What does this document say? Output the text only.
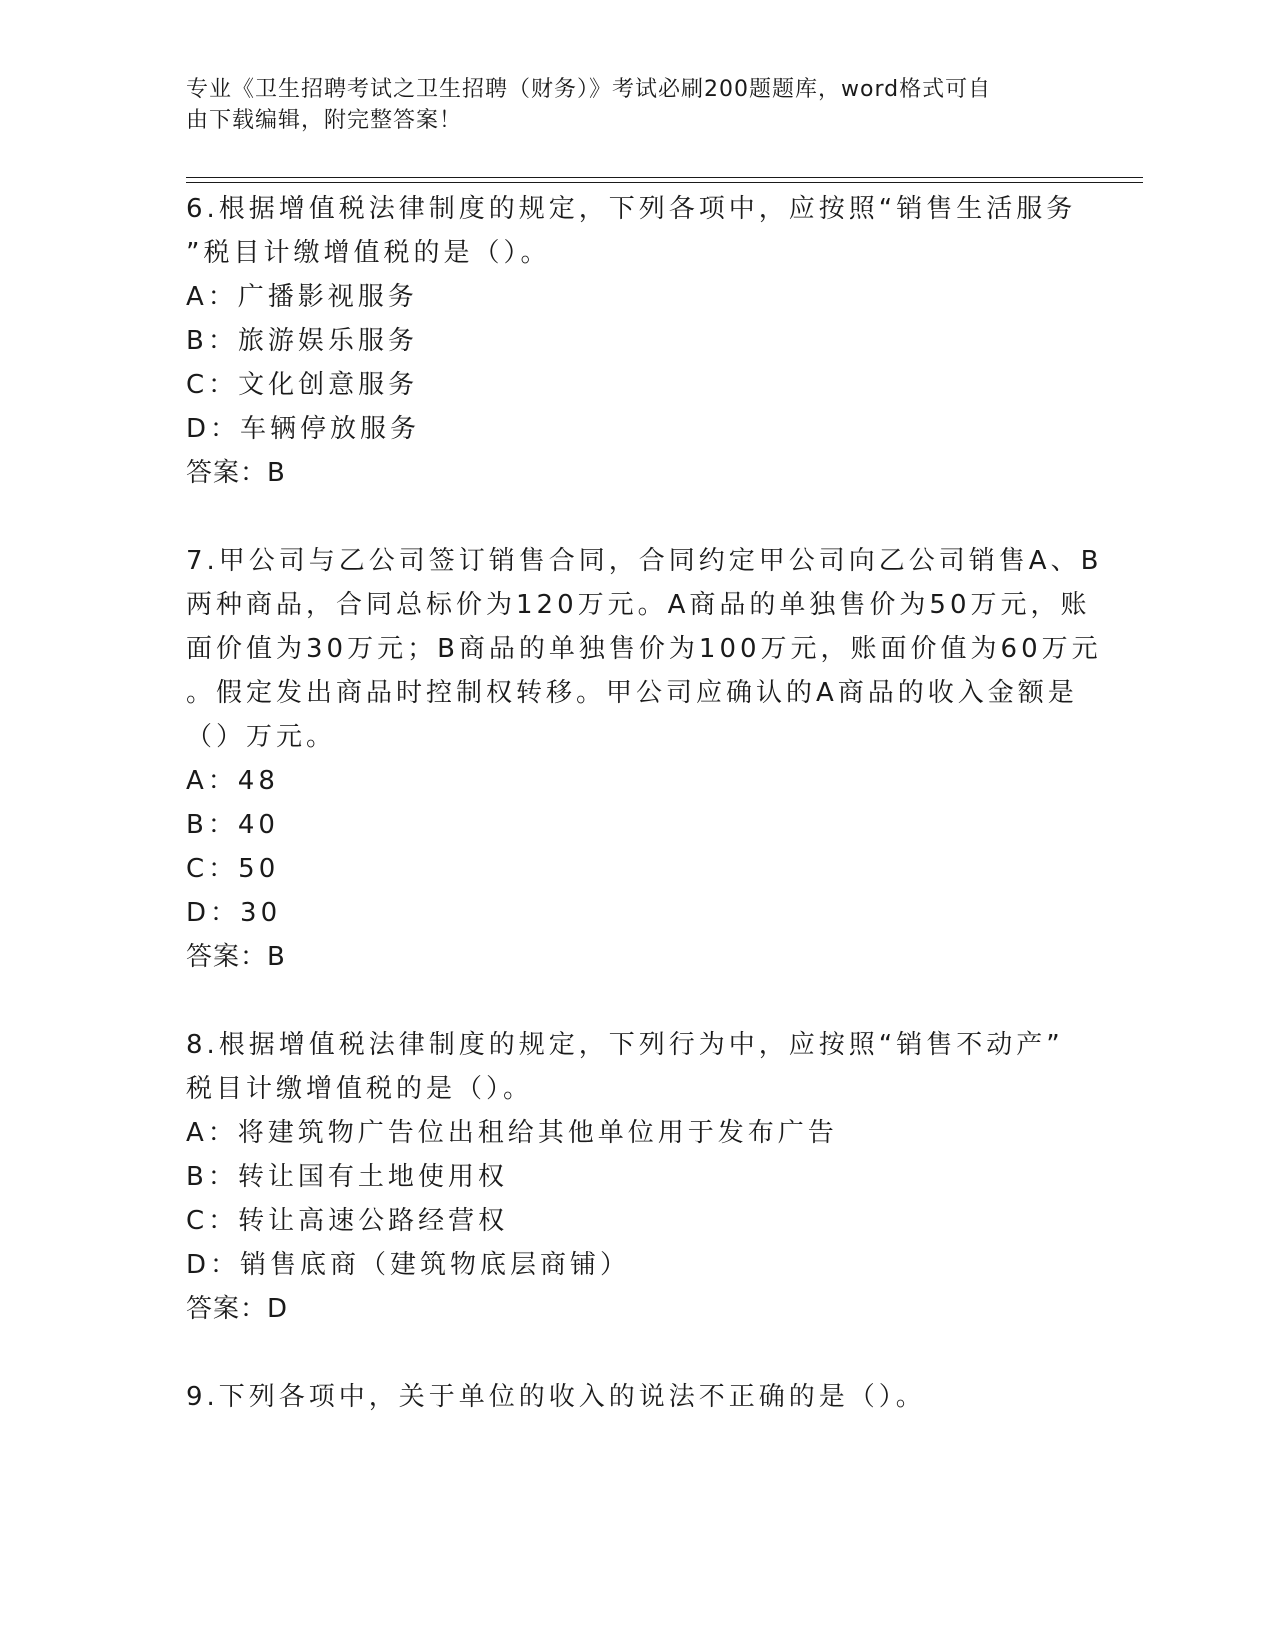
专业《卫生招聘考试之卫生招聘（财务）》考试必刷200题题库，word格式可自
由下载编辑，附完整答案！
6.根据增值税法律制度的规定，下列各项中，应按照“销售生活服务
”税目计缴增值税的是（）。
A：广播影视服务
B：旅游娱乐服务
C：文化创意服务
D：车辆停放服务
答案：B
7.甲公司与乙公司签订销售合同，合同约定甲公司向乙公司销售A、B
两种商品，合同总标价为120万元。A商品的单独售价为50万元，账
面价值为30万元；B商品的单独售价为100万元，账面价值为60万元
。假定发出商品时控制权转移。甲公司应确认的A商品的收入金额是
（）万元。
A：48
B：40
C：50
D：30
答案：B
8.根据增值税法律制度的规定，下列行为中，应按照“销售不动产”
税目计缴增值税的是（）。
A：将建筑物广告位出租给其他单位用于发布广告
B：转让国有土地使用权
C：转让高速公路经营权
D：销售底商（建筑物底层商铺）
答案：D
9.下列各项中，关于单位的收入的说法不正确的是（）。
